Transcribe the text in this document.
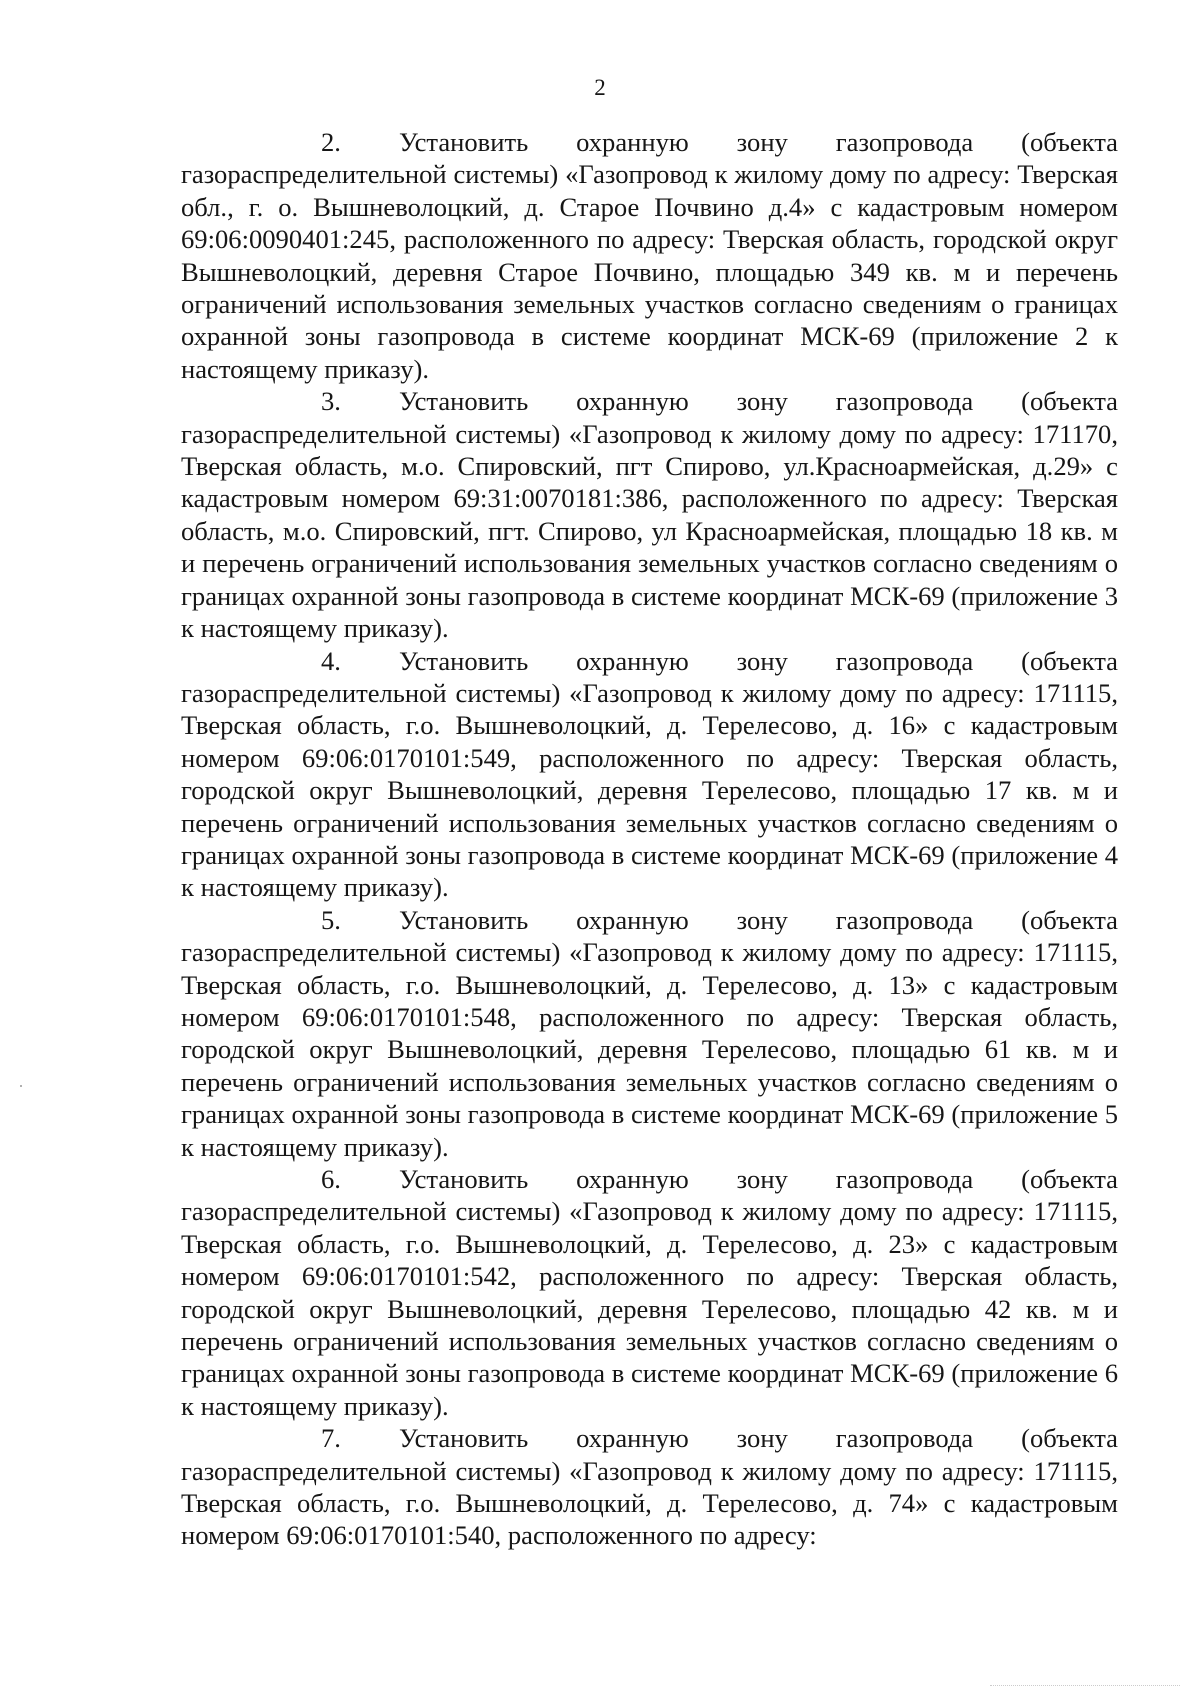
2

2. Установить охранную зону газопровода (объекта газораспределительной системы) «Газопровод к жилому дому по адресу: Тверская обл., г. о. Вышневолоцкий, д. Старое Почвино д.4» с кадастровым номером 69:06:0090401:245, расположенного по адресу: Тверская область, городской округ Вышневолоцкий, деревня Старое Почвино, площадью 349 кв. м и перечень ограничений использования земельных участков согласно сведениям о границах охранной зоны газопровода в системе координат МСК-69 (приложение 2 к настоящему приказу).

3. Установить охранную зону газопровода (объекта газораспределительной системы) «Газопровод к жилому дому по адресу: 171170, Тверская область, м.о. Спировский, пгт Спирово, ул.Красноармейская, д.29» с кадастровым номером 69:31:0070181:386, расположенного по адресу: Тверская область, м.о. Спировский, пгт. Спирово, ул Красноармейская, площадью 18 кв. м и перечень ограничений использования земельных участков согласно сведениям о границах охранной зоны газопровода в системе координат МСК-69 (приложение 3 к настоящему приказу).

4. Установить охранную зону газопровода (объекта газораспределительной системы) «Газопровод к жилому дому по адресу: 171115, Тверская область, г.о. Вышневолоцкий, д. Терелесово, д. 16» с кадастровым номером 69:06:0170101:549, расположенного по адресу: Тверская область, городской округ Вышневолоцкий, деревня Терелесово, площадью 17 кв. м и перечень ограничений использования земельных участков согласно сведениям о границах охранной зоны газопровода в системе координат МСК-69 (приложение 4 к настоящему приказу).

5. Установить охранную зону газопровода (объекта газораспределительной системы) «Газопровод к жилому дому по адресу: 171115, Тверская область, г.о. Вышневолоцкий, д. Терелесово, д. 13» с кадастровым номером 69:06:0170101:548, расположенного по адресу: Тверская область, городской округ Вышневолоцкий, деревня Терелесово, площадью 61 кв. м и перечень ограничений использования земельных участков согласно сведениям о границах охранной зоны газопровода в системе координат МСК-69 (приложение 5 к настоящему приказу).

6. Установить охранную зону газопровода (объекта газораспределительной системы) «Газопровод к жилому дому по адресу: 171115, Тверская область, г.о. Вышневолоцкий, д. Терелесово, д. 23» с кадастровым номером 69:06:0170101:542, расположенного по адресу: Тверская область, городской округ Вышневолоцкий, деревня Терелесово, площадью 42 кв. м и перечень ограничений использования земельных участков согласно сведениям о границах охранной зоны газопровода в системе координат МСК-69 (приложение 6 к настоящему приказу).

7. Установить охранную зону газопровода (объекта газораспределительной системы) «Газопровод к жилому дому по адресу: 171115, Тверская область, г.о. Вышневолоцкий, д. Терелесово, д. 74» с кадастровым номером 69:06:0170101:540, расположенного по адресу:
